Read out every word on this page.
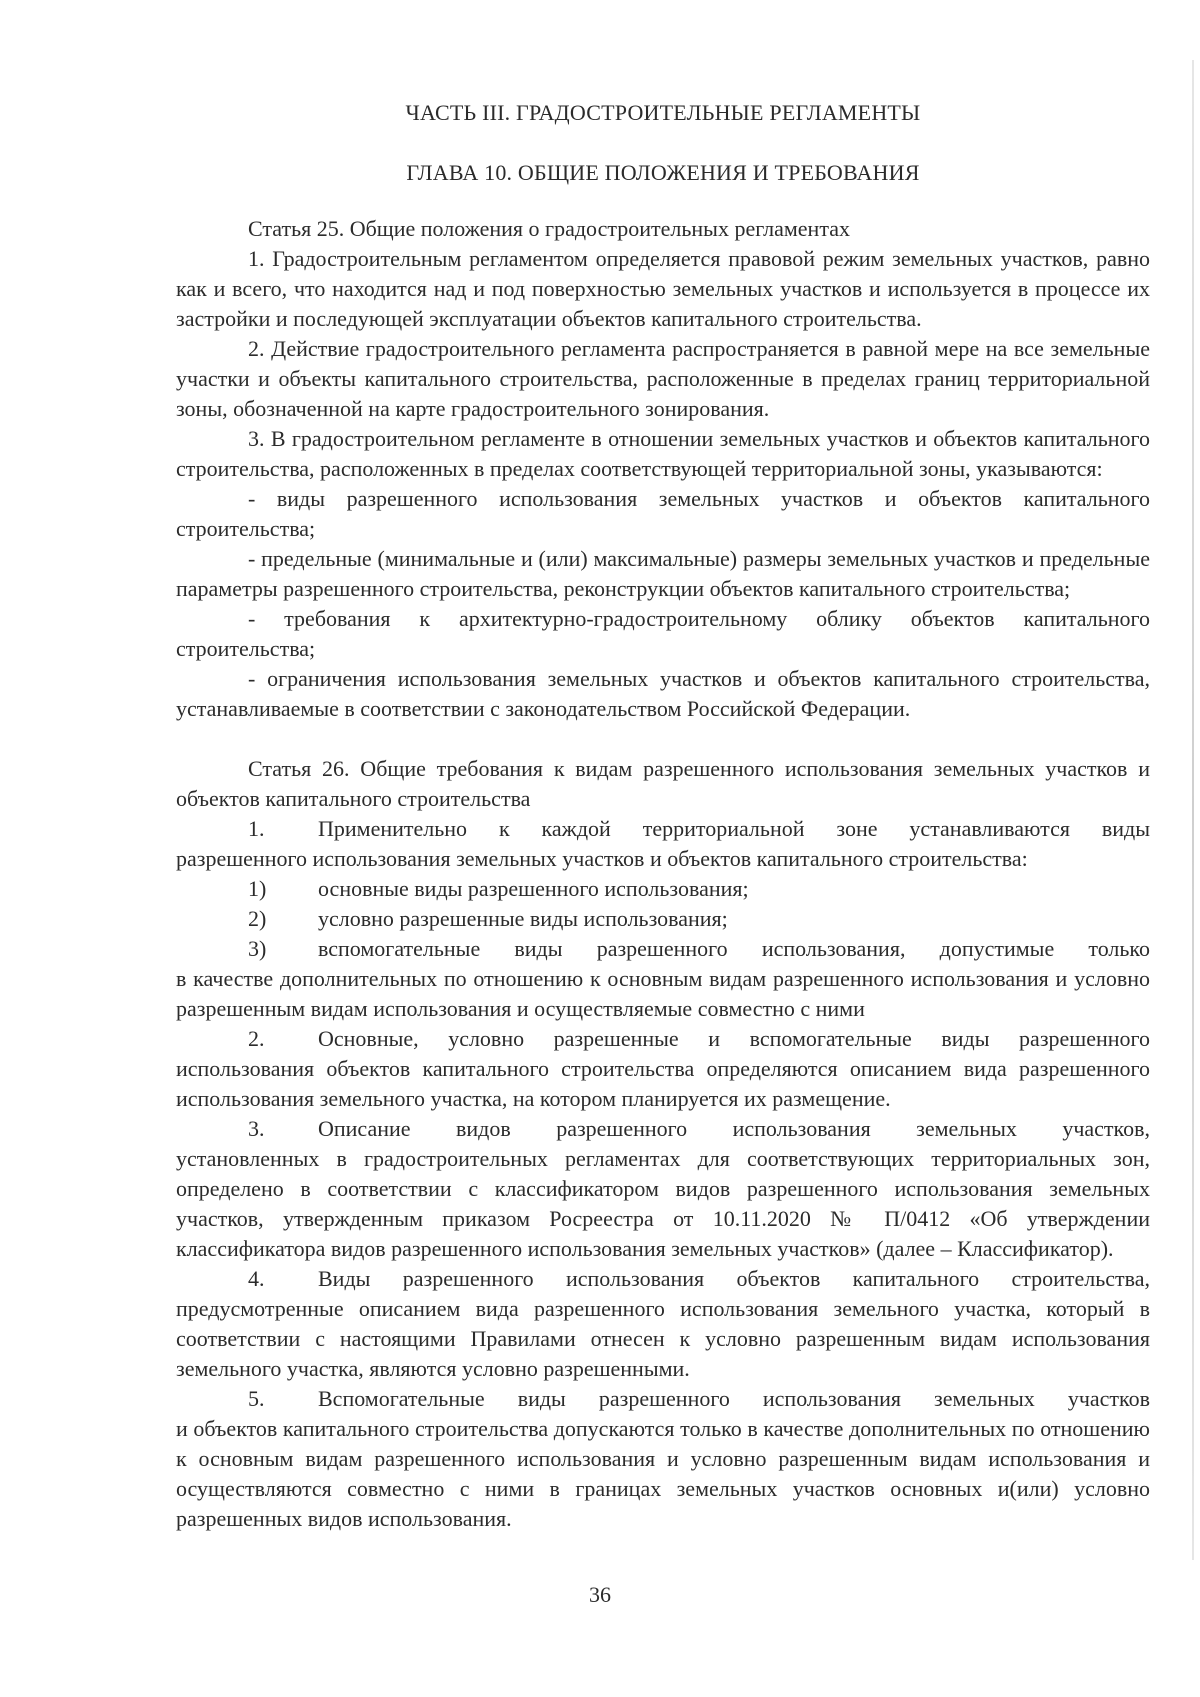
ЧАСТЬ III. ГРАДОСТРОИТЕЛЬНЫЕ РЕГЛАМЕНТЫ
ГЛАВА 10. ОБЩИЕ ПОЛОЖЕНИЯ И ТРЕБОВАНИЯ

Статья 25. Общие положения о градостроительных регламентах

1. Градостроительным регламентом определяется правовой режим земельных участков, равно как и всего, что находится над и под поверхностью земельных участков и используется в процессе их застройки и последующей эксплуатации объектов капитального строительства.

2. Действие градостроительного регламента распространяется в равной мере на все земельные участки и объекты капитального строительства, расположенные в пределах границ территориальной зоны, обозначенной на карте градостроительного зонирования.

3. В градостроительном регламенте в отношении земельных участков и объектов капитального строительства, расположенных в пределах соответствующей территориальной зоны, указываются:

- виды разрешенного использования земельных участков и объектов капитального строительства;

- предельные (минимальные и (или) максимальные) размеры земельных участков и предельные параметры разрешенного строительства, реконструкции объектов капитального строительства;

- требования к архитектурно-градостроительному облику объектов капитального строительства;

- ограничения использования земельных участков и объектов капитального строительства, устанавливаемые в соответствии с законодательством Российской Федерации.

Статья 26. Общие требования к видам разрешенного использования земельных участков и объектов капитального строительства

1.	Применительно к каждой территориальной зоне устанавливаются виды
разрешенного использования земельных участков и объектов капитального строительства:
1)	основные виды разрешенного использования;
2)	условно разрешенные виды использования;
3)	вспомогательные виды разрешенного использования, допустимые только
в качестве дополнительных по отношению к основным видам разрешенного использования и условно разрешенным видам использования и осуществляемые совместно с ними
2.	Основные, условно разрешенные и вспомогательные виды разрешенного
использования объектов капитального строительства определяются описанием вида разрешенного использования земельного участка, на котором планируется их размещение.
3.	Описание видов разрешенного использования земельных участков,
установленных в градостроительных регламентах для соответствующих территориальных зон, определено в соответствии с классификатором видов разрешенного использования земельных участков, утвержденным приказом Росреестра от 10.11.2020 № П/0412 «Об утверждении классификатора видов разрешенного использования земельных участков» (далее – Классификатор).
4.	Виды разрешенного использования объектов капитального строительства,
предусмотренные описанием вида разрешенного использования земельного участка, который в соответствии с настоящими Правилами отнесен к условно разрешенным видам использования земельного участка, являются условно разрешенными.
5.	Вспомогательные виды разрешенного использования земельных участков
и объектов капитального строительства допускаются только в качестве дополнительных по отношению к основным видам разрешенного использования и условно разрешенным видам использования и осуществляются совместно с ними в границах земельных участков основных и(или) условно разрешенных видов использования.
36
